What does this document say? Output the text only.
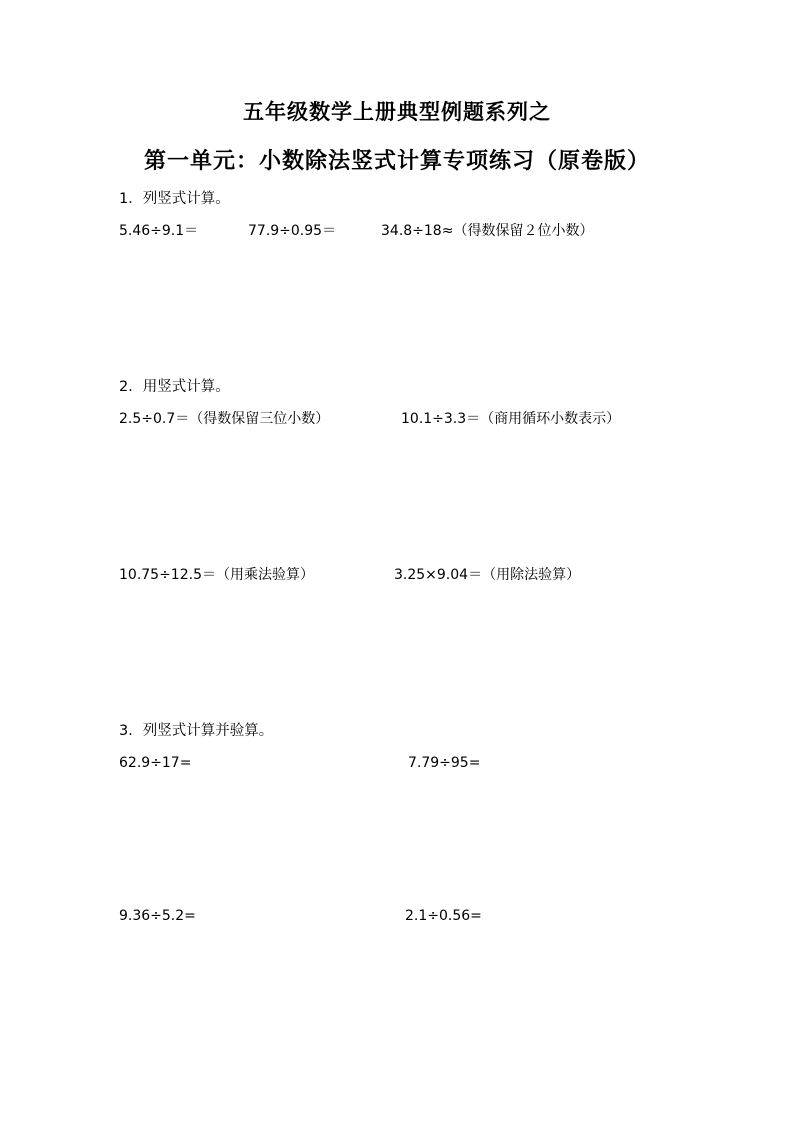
五年级数学上册典型例题系列之
第一单元：小数除法竖式计算专项练习（原卷版）
1．列竖式计算。
5.46÷9.1＝	77.9÷0.95＝	34.8÷18≈（得数保留２位小数）
2．用竖式计算。
2.5÷0.7＝（得数保留三位小数）	10.1÷3.3＝（商用循环小数表示）
10.75÷12.5＝（用乘法验算）	3.25×9.04＝（用除法验算）
3．列竖式计算并验算。
62.9÷17=	7.79÷95=
9.36÷5.2=	2.1÷0.56=
